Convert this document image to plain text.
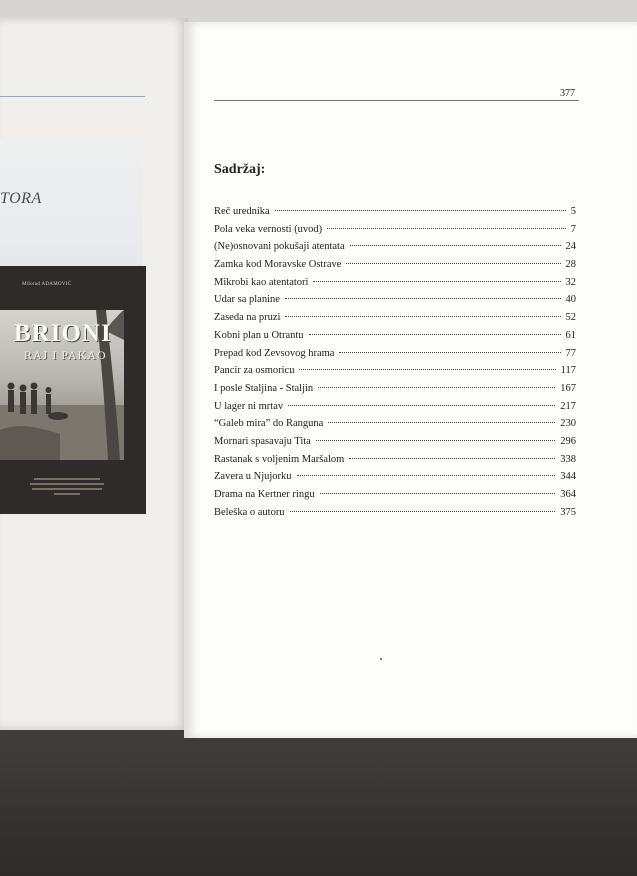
TORA
Milorad ADAMOVIĆ
BRIONI
RAJ I PAKAO
377
Sadržaj:
Reč urednika	5
Pola veka vernosti (uvod)	7
(Ne)osnovani pokušaji atentata	24
Zamka kod Moravske Ostrave	28
Mikrobi kao atentatori	32
Udar sa planine	40
Zaseda na pruzi	52
Kobni plan u Otrantu	61
Prepad kod Zevsovog hrama	77
Pancir za osmoricu	117
I posle Staljina - Staljin	167
U lager ni mrtav	217
“Galeb mira” do Ranguna	230
Mornari spasavaju Tita	296
Rastanak s voljenim Maršalom	338
Zavera u Njujorku	344
Drama na Kertner ringu	364
Beleška o autoru	375
